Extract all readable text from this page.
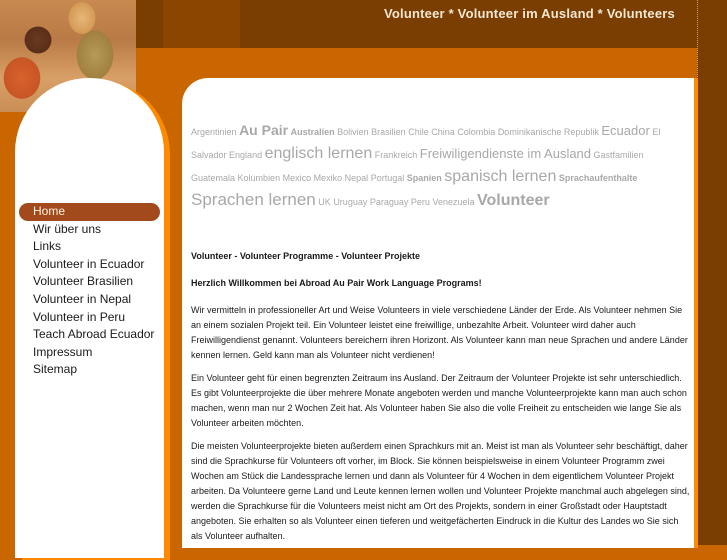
Volunteer * Volunteer im Ausland * Volunteers
Home
Wir über uns
Links
Volunteer in Ecuador
Volunteer Brasilien
Volunteer in Nepal
Volunteer in Peru
Teach Abroad Ecuador
Impressum
Sitemap
Argentinien Au Pair Australien Bolivien Brasilien Chile China Colombia Dominikanische Republik Ecuador El Salvador England englisch lernen Frankreich Freiwiligendienste im Ausland Gastfamilien Guatemala Kolumbien Mexico Mexiko Nepal Portugal Spanien spanisch lernen Sprachaufenthalte Sprachen lernen UK Uruguay Paraguay Peru Venezuela Volunteer
Volunteer - Volunteer Programme - Volunteer Projekte
Herzlich Willkommen bei Abroad Au Pair Work Language Programs!

Wir vermitteln in professioneller Art und Weise Volunteers in viele verschiedene Länder der Erde. Als Volunteer nehmen Sie an einem sozialen Projekt teil. Ein Volunteer leistet eine freiwillige, unbezahlte Arbeit. Volunteer wird daher auch Freiwilligendienst genannt. Volunteers bereichern ihren Horizont. Als Volunteer kann man neue Sprachen und andere Länder kennen lernen. Geld kann man als Volunteer nicht verdienen!

Ein Volunteer geht für einen begrenzten Zeitraum ins Ausland. Der Zeitraum der Volunteer Projekte ist sehr unterschiedlich. Es gibt Volunteerprojekte die über mehrere Monate angeboten werden und manche Volunteerprojekte kann man auch schon machen, wenn man nur 2 Wochen Zeit hat. Als Volunteer haben Sie also die volle Freiheit zu entscheiden wie lange Sie als Volunteer arbeiten möchten.

Die meisten Volunteerprojekte bieten außerdem einen Sprachkurs mit an. Meist ist man als Volunteer sehr beschäftigt, daher sind die Sprachkurse für Volunteers oft vorher, im Block. Sie können beispielsweise in einem Volunteer Programm zwei Wochen am Stück die Landessprache lernen und dann als Volunteer für 4 Wochen in dem eigentlichem Volunteer Projekt arbeiten. Da Volunteere gerne Land und Leute kennen lernen wollen und Volunteer Projekte manchmal auch abgelegen sind, werden die Sprachkurse für die Volunteers meist nicht am Ort des Projekts, sondern in einer Großstadt oder Hauptstadt angeboten. Sie erhalten so als Volunteer einen tieferen und weitgefächerten Eindruck in die Kultur des Landes wo Sie sich als Volunteer aufhalten.
